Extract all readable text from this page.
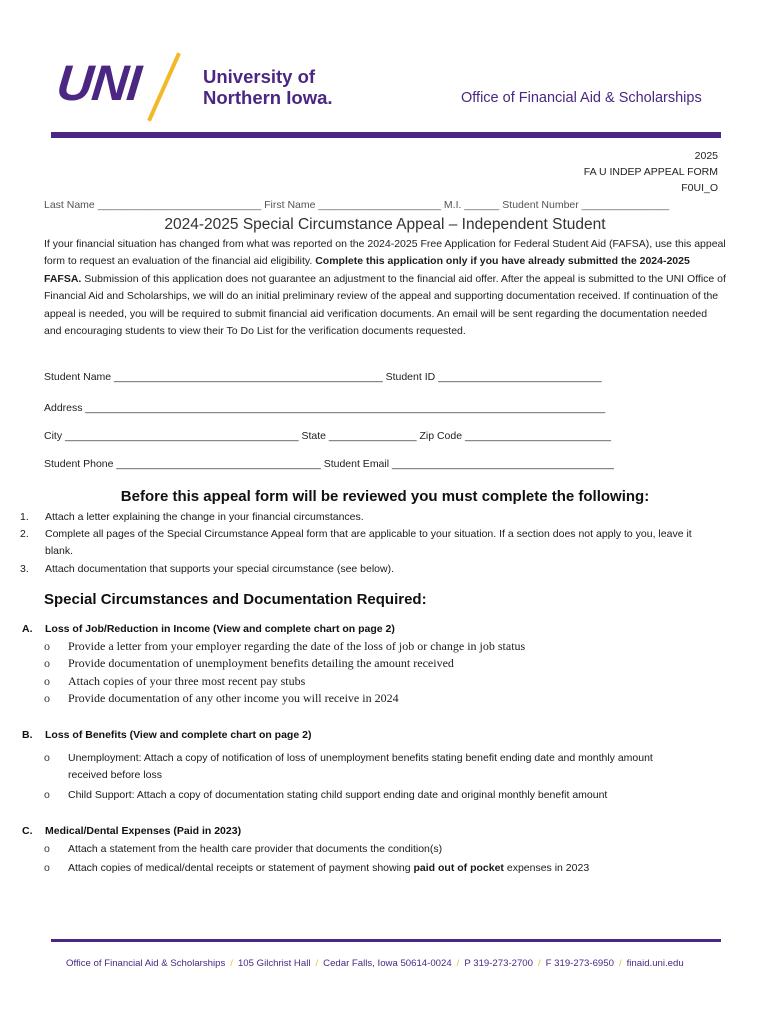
UNI	University of
Northern Iowa.	Office of Financial Aid & Scholarships
2025
FA U INDEP APPEAL FORM
F0UI_O
Last Name ____________________________ First Name _____________________ M.I. ______ Student Number _______________
2024-2025 Special Circumstance Appeal – Independent Student
If your financial situation has changed from what was reported on the 2024-2025 Free Application for Federal Student Aid (FAFSA), use this appeal form to request an evaluation of the financial aid eligibility. Complete this application only if you have already submitted the 2024-2025 FAFSA. Submission of this application does not guarantee an adjustment to the financial aid offer. After the appeal is submitted to the UNI Office of Financial Aid and Scholarships, we will do an initial preliminary review of the appeal and supporting documentation received. If continuation of the appeal is needed, you will be required to submit financial aid verification documents. An email will be sent regarding the documentation needed and encouraging students to view their To Do List for the verification documents requested.
Student Name ______________________________________________ Student ID ____________________________
Address _________________________________________________________________________________________
City ________________________________________ State _______________ Zip Code _________________________
Student Phone ___________________________________ Student Email ______________________________________
Before this appeal form will be reviewed you must complete the following:
1.	Attach a letter explaining the change in your financial circumstances.
2.	Complete all pages of the Special Circumstance Appeal form that are applicable to your situation. If a section does not apply to you, leave it blank.
3.	Attach documentation that supports your special circumstance (see below).
Special Circumstances and Documentation Required:
A. Loss of Job/Reduction in Income (View and complete chart on page 2)
o	Provide a letter from your employer regarding the date of the loss of job or change in job status
o	Provide documentation of unemployment benefits detailing the amount received
o	Attach copies of your three most recent pay stubs
o	Provide documentation of any other income you will receive in 2024
B. Loss of Benefits (View and complete chart on page 2)
o	Unemployment: Attach a copy of notification of loss of unemployment benefits stating benefit ending date and monthly amount received before loss
o	Child Support: Attach a copy of documentation stating child support ending date and original monthly benefit amount
C. Medical/Dental Expenses (Paid in 2023)
o	Attach a statement from the health care provider that documents the condition(s)
o	Attach copies of medical/dental receipts or statement of payment showing paid out of pocket expenses in 2023
Office of Financial Aid & Scholarships / 105 Gilchrist Hall / Cedar Falls, Iowa 50614-0024 / P 319-273-2700 / F 319-273-6950 / finaid.uni.edu
